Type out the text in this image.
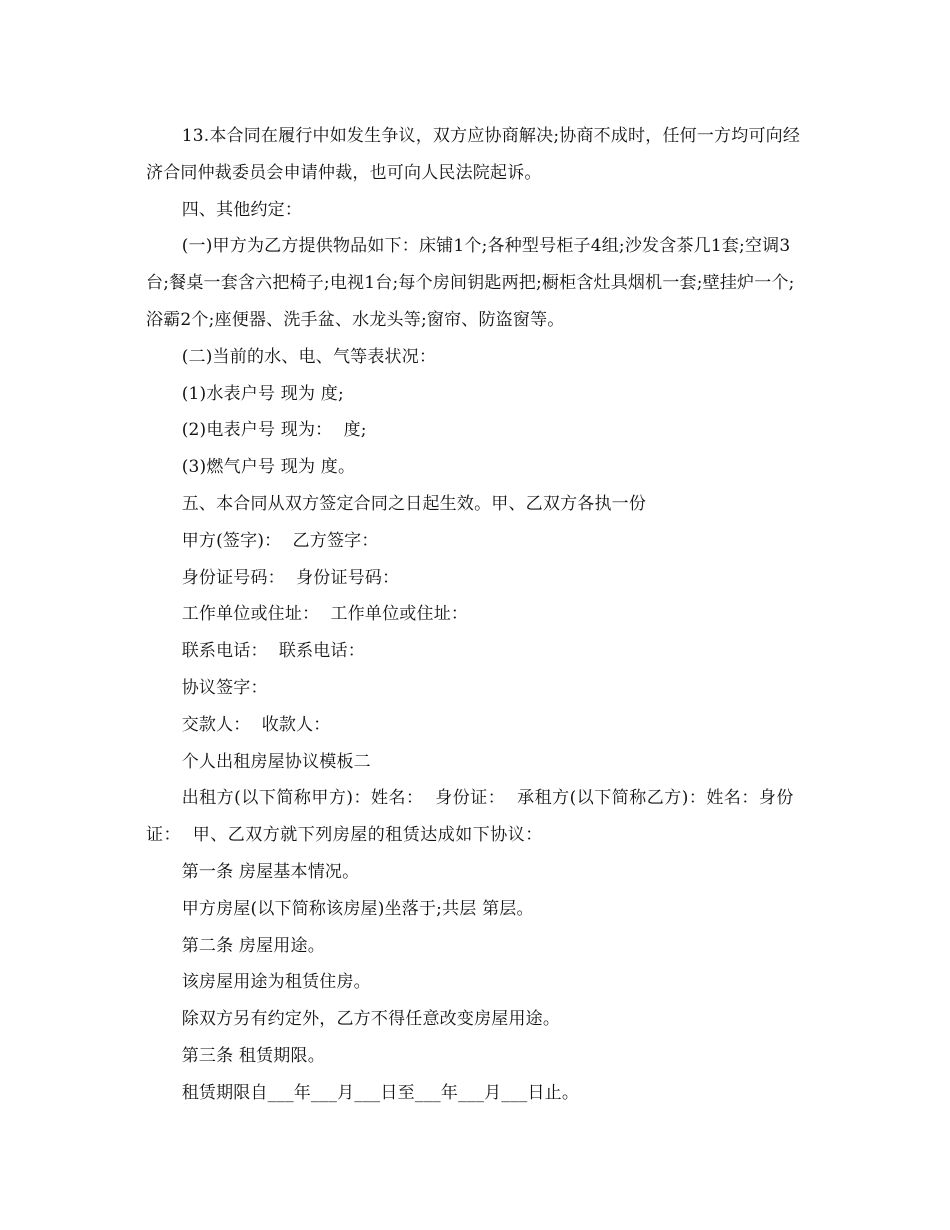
13.本合同在履行中如发生争议，双方应协商解决;协商不成时，任何一方均可向经济合同仲裁委员会申请仲裁，也可向人民法院起诉。

四、其他约定：

(一)甲方为乙方提供物品如下：床铺1个;各种型号柜子4组;沙发含茶几1套;空调3台;餐桌一套含六把椅子;电视1台;每个房间钥匙两把;橱柜含灶具烟机一套;壁挂炉一个;浴霸2个;座便器、洗手盆、水龙头等;窗帘、防盗窗等。

(二)当前的水、电、气等表状况：

(1)水表户号 现为 度;

(2)电表户号 现为：  度;

(3)燃气户号 现为 度。

五、本合同从双方签定合同之日起生效。甲、乙双方各执一份

甲方(签字)：  乙方签字：

身份证号码：  身份证号码：

工作单位或住址：  工作单位或住址：

联系电话：  联系电话：

协议签字：

交款人：  收款人：

个人出租房屋协议模板二

出租方(以下简称甲方)：姓名：  身份证：  承租方(以下简称乙方)：姓名：身份证：  甲、乙双方就下列房屋的租赁达成如下协议：

第一条 房屋基本情况。

甲方房屋(以下简称该房屋)坐落于;共层 第层。

第二条 房屋用途。

该房屋用途为租赁住房。

除双方另有约定外，乙方不得任意改变房屋用途。

第三条 租赁期限。

租赁期限自___年___月___日至___年___月___日止。
